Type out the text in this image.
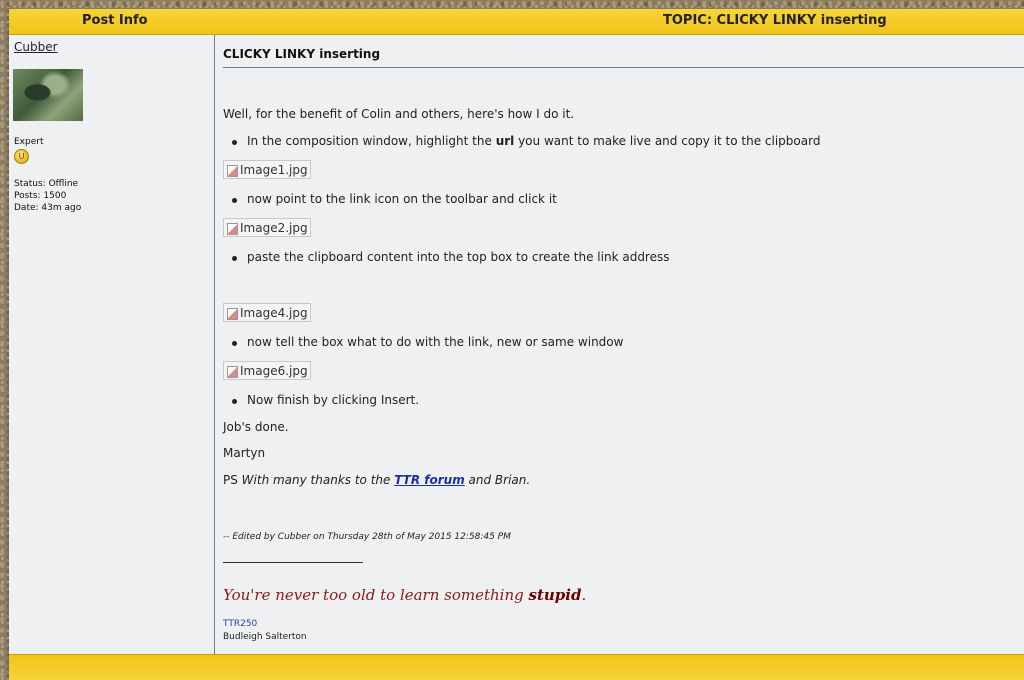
Post Info	TOPIC: CLICKY LINKY inserting
Cubber
Expert
U
Status: Offline
Posts: 1500
Date: 43m ago
CLICKY LINKY inserting
Well, for the benefit of Colin and others, here's how I do it.
In the composition window, highlight the url you want to make live and copy it to the clipboard
Image1.jpg
now point to the link icon on the toolbar and click it
Image2.jpg
paste the clipboard content into the top box to create the link address
Image4.jpg
now tell the box what to do with the link, new or same window
Image6.jpg
Now finish by clicking Insert.
Job's done.
Martyn
PS With many thanks to the TTR forum and Brian.
-- Edited by Cubber on Thursday 28th of May 2015 12:58:45 PM
You're never too old to learn something stupid.
TTR250
Budleigh Salterton
